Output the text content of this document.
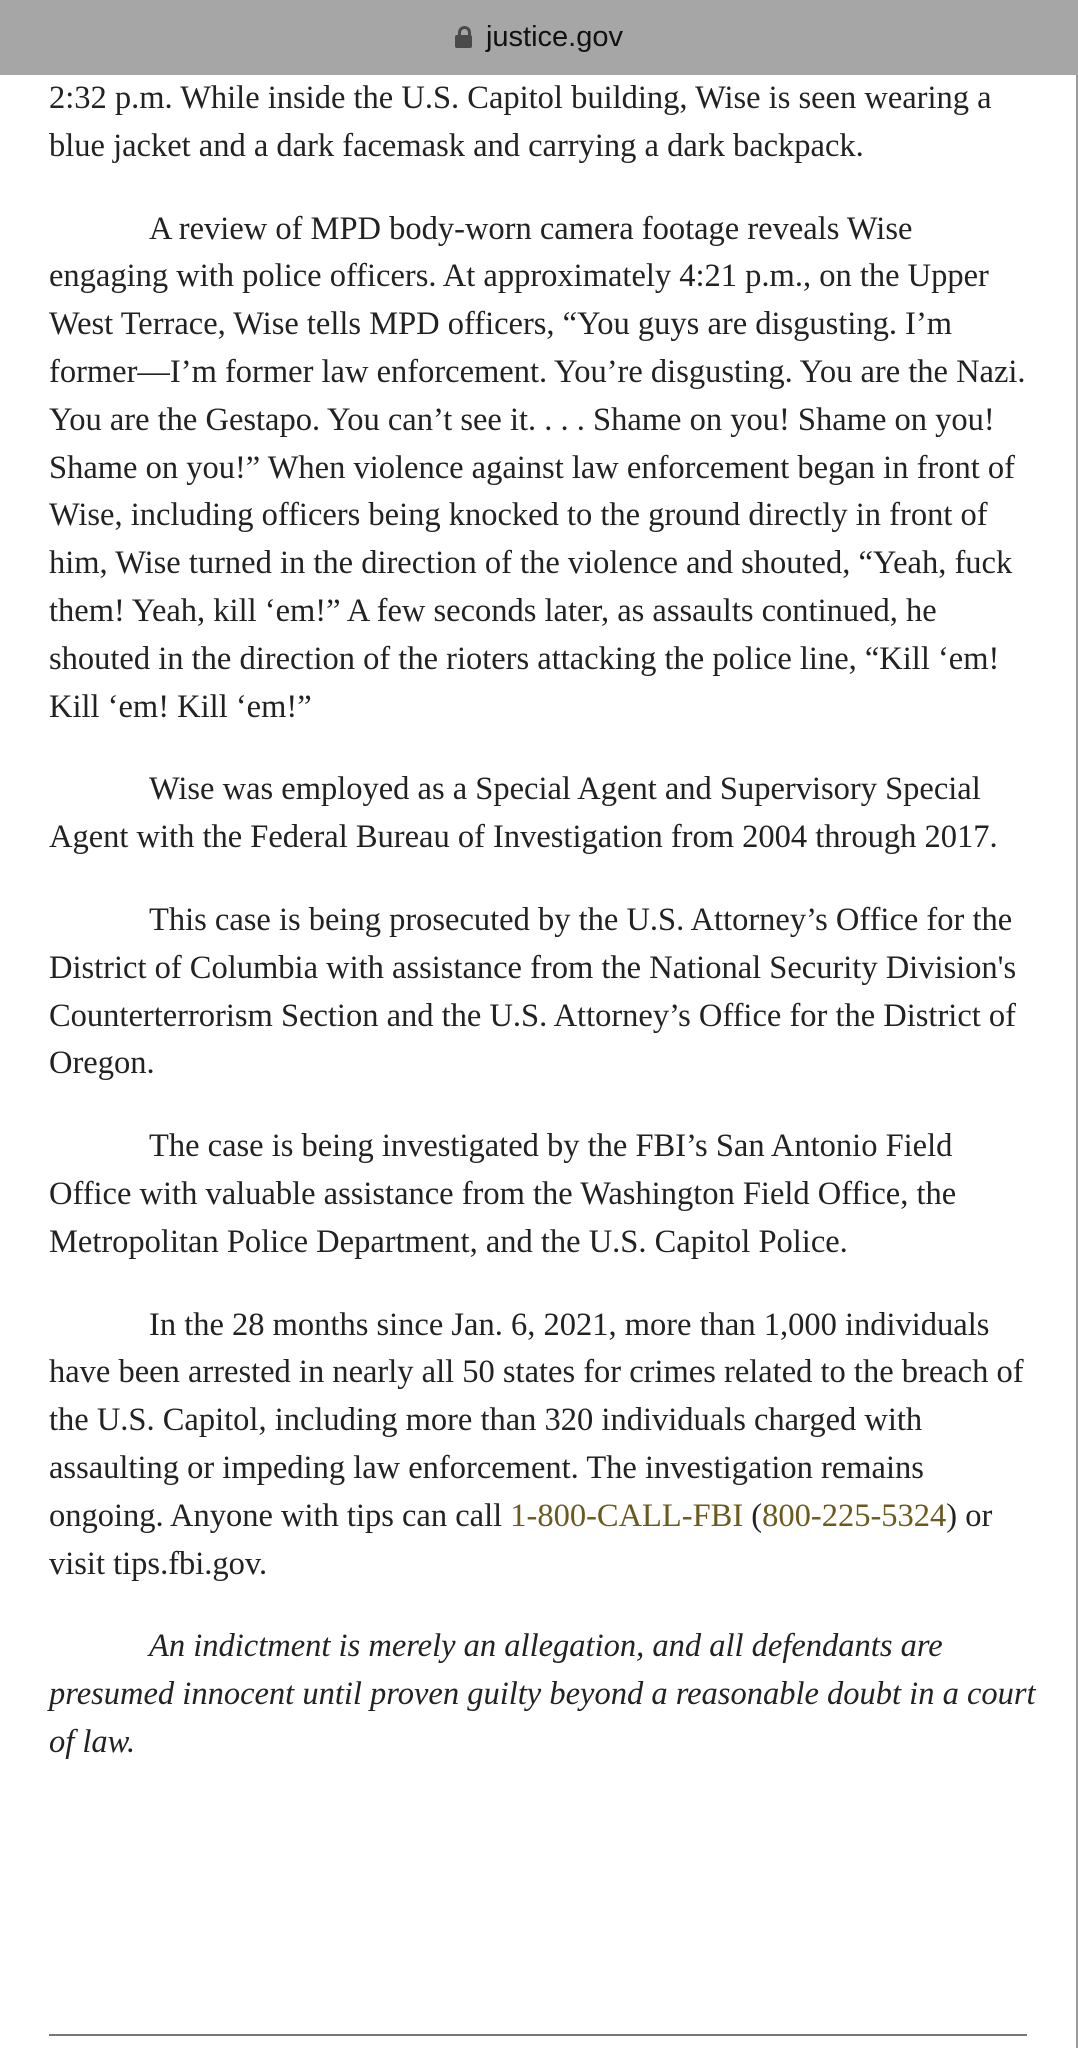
justice.gov

2:32 p.m. While inside the U.S. Capitol building, Wise is seen wearing a blue jacket and a dark facemask and carrying a dark backpack.

A review of MPD body-worn camera footage reveals Wise engaging with police officers. At approximately 4:21 p.m., on the Upper West Terrace, Wise tells MPD officers, “You guys are disgusting. I’m former—I’m former law enforcement. You’re disgusting. You are the Nazi. You are the Gestapo. You can’t see it. . . . Shame on you! Shame on you! Shame on you!” When violence against law enforcement began in front of Wise, including officers being knocked to the ground directly in front of him, Wise turned in the direction of the violence and shouted, “Yeah, fuck them! Yeah, kill ‘em!” A few seconds later, as assaults continued, he shouted in the direction of the rioters attacking the police line, “Kill ‘em! Kill ‘em! Kill ‘em!”

Wise was employed as a Special Agent and Supervisory Special Agent with the Federal Bureau of Investigation from 2004 through 2017.

This case is being prosecuted by the U.S. Attorney’s Office for the District of Columbia with assistance from the National Security Division's Counterterrorism Section and the U.S. Attorney’s Office for the District of Oregon.

The case is being investigated by the FBI’s San Antonio Field Office with valuable assistance from the Washington Field Office, the Metropolitan Police Department, and the U.S. Capitol Police.

In the 28 months since Jan. 6, 2021, more than 1,000 individuals have been arrested in nearly all 50 states for crimes related to the breach of the U.S. Capitol, including more than 320 individuals charged with assaulting or impeding law enforcement. The investigation remains ongoing. Anyone with tips can call 1-800-CALL-FBI (800-225-5324) or visit tips.fbi.gov.

An indictment is merely an allegation, and all defendants are presumed innocent until proven guilty beyond a reasonable doubt in a court of law.
